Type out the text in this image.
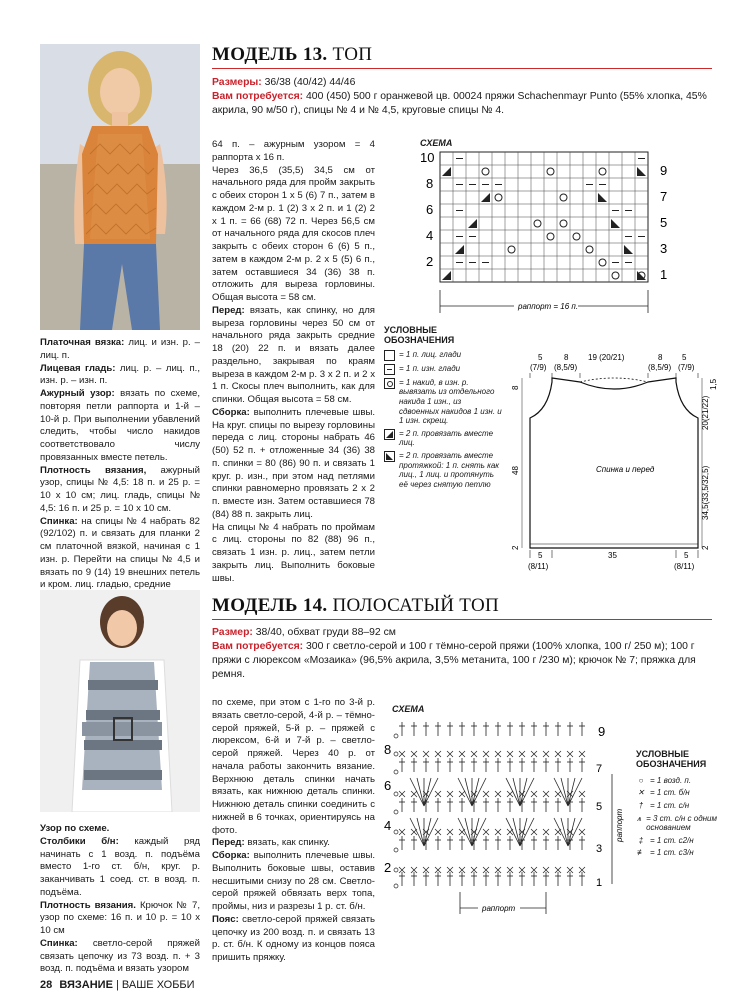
МОДЕЛЬ 13. ТОП
Размеры: 36/38 (40/42) 44/46
Вам потребуется: 400 (450) 500 г оранжевой цв. 00024 пряжи Schachenmayr Punto (55% хлопка, 45% акрила, 90 м/50 г), спицы № 4 и № 4,5, круговые спицы № 4.

Платочная вязка: лиц. и изн. р. – лиц. п.

Лицевая гладь: лиц. р. – лиц. п., изн. р. – изн. п.

Ажурный узор: вязать по схеме, повторяя петли раппорта и 1-й – 10-й р. При выполнении убавлений следить, чтобы число накидов соответствовало числу провязанных вместе петель.

Плотность вязания, ажурный узор, спицы № 4,5: 18 п. и 25 р. = 10 х 10 см; лиц. гладь, спицы № 4,5: 16 п. и 25 р. = 10 х 10 см.

Спинка: на спицы № 4 набрать 82 (92/102) п. и связать для планки 2 см платочной вязкой, начиная с 1 изн. р. Перейти на спицы № 4,5 и вязать по 9 (14) 19 внешних петель и кром. лиц. гладью, средние

64 п. – ажурным узором = 4 раппорта х 16 п.

Через 36,5 (35,5) 34,5 см от начального ряда для пройм закрыть с обеих сторон 1 х 5 (6) 7 п., затем в каждом 2-м р. 1 (2) 3 х 2 п. и 1 (2) 2 х 1 п. = 66 (68) 72 п. Через 56,5 см от начального ряда для скосов плеч закрыть с обеих сторон 6 (6) 5 п., затем в каждом 2-м р. 2 х 5 (5) 6 п., затем оставшиеся 34 (36) 38 п. отложить для выреза горловины. Общая высота = 58 см.

Перед: вязать, как спинку, но для выреза горловины через 50 см от начального ряда закрыть средние 18 (20) 22 п. и вязать далее раздельно, закрывая по краям выреза в каждом 2-м р. 3 х 2 п. и 2 х 1 п. Скосы плеч выполнить, как для спинки. Общая высота = 58 см.

Сборка: выполнить плечевые швы. На круг. спицы по вырезу горловины переда с лиц. стороны набрать 46 (50) 52 п. + отложенные 34 (36) 38 п. спинки = 80 (86) 90 п. и связать 1 круг. р. изн., при этом над петлями спинки равномерно провязать 2 х 2 п. вместе изн. Затем оставшиеся 78 (84) 88 п. закрыть лиц.

На спицы № 4 набрать по проймам с лиц. стороны по 82 (88) 96 п., связать 1 изн. р. лиц., затем петли закрыть лиц. Выполнить боковые швы.

СХЕМА
10
8
6
4
2
9
7
5
3
1
раппорт = 16 п.
УСЛОВНЫЕ ОБОЗНАЧЕНИЯ
= 1 п. лиц. глади
= 1 п. изн. глади
= 1 накид, в изн. р. вывязать из отдельного накида 1 изн., из сдвоенных накидов 1 изн. и 1 изн. скрещ.
= 2 п. провязать вместе лиц.
= 2 п. провязать вместе протяжкой: 1 п. снять как лиц., 1 лиц. и протянуть её через снятую петлю
5	8 19 (20/21)	8 5
(7/9) (8,5/9)	(8,5/9) (7/9)
Спинка и перед
1,5
20(21/22)
34,5(33,5/32,5)
2
8
48
2
5	35	5
(8/11)	(8/11)
МОДЕЛЬ 14. ПОЛОСАТЫЙ ТОП
Размер: 38/40, обхват груди 88–92 см
Вам потребуется: 300 г светло-серой и 100 г тёмно-серой пряжи (100% хлопка, 100 г/ 250 м); 100 г пряжи с люрексом «Мозаика» (96,5% акрила, 3,5% метанита, 100 г /230 м); крючок № 7; пряжка для ремня.

Узор по схеме.

Столбики б/н: каждый ряд начинать с 1 возд. п. подъёма вместо 1-го ст. б/н, круг. р. заканчивать 1 соед. ст. в возд. п. подъёма.

Плотность вязания. Крючок № 7, узор по схеме: 16 п. и 10 р. = 10 х 10 см

Спинка: светло-серой пряжей связать цепочку из 73 возд. п. + 3 возд. п. подъёма и вязать узором

по схеме, при этом с 1-го по 3-й р. вязать светло-серой, 4-й р. – тёмно-серой пряжей, 5-й р. – пряжей с люрексом, 6-й и 7-й р. – светло-серой пряжей. Через 40 р. от начала работы закончить вязание. Верхнюю деталь спинки начать вязать, как нижнюю деталь спинки. Нижнюю деталь спинки соединить с нижней в 6 точках, ориентируясь на фото.

Перед: вязать, как спинку.

Сборка: выполнить плечевые швы. Выполнить боковые швы, оставив несшитыми снизу по 28 см. Светло-серой пряжей обвязать верх топа, проймы, низ и разрезы 1 р. ст. б/н.

Пояс: светло-серой пряжей связать цепочку из 200 возд. п. и связать 13 р. ст. б/н. К одному из концов пояса пришить пряжку.

СХЕМА
8
6
4
2
9
7
5
3
1
раппорт
раппорт
УСЛОВНЫЕ ОБОЗНАЧЕНИЯ
○ = 1 возд. п.
✕ = 1 ст. б/н
† = 1 ст. с/н
⩚ = 3 ст. с/н с одним основанием
‡ = 1 ст. с2/н
≢ = 1 ст. с3/н
28 ВЯЗАНИЕ | ВАШЕ ХОББИ
